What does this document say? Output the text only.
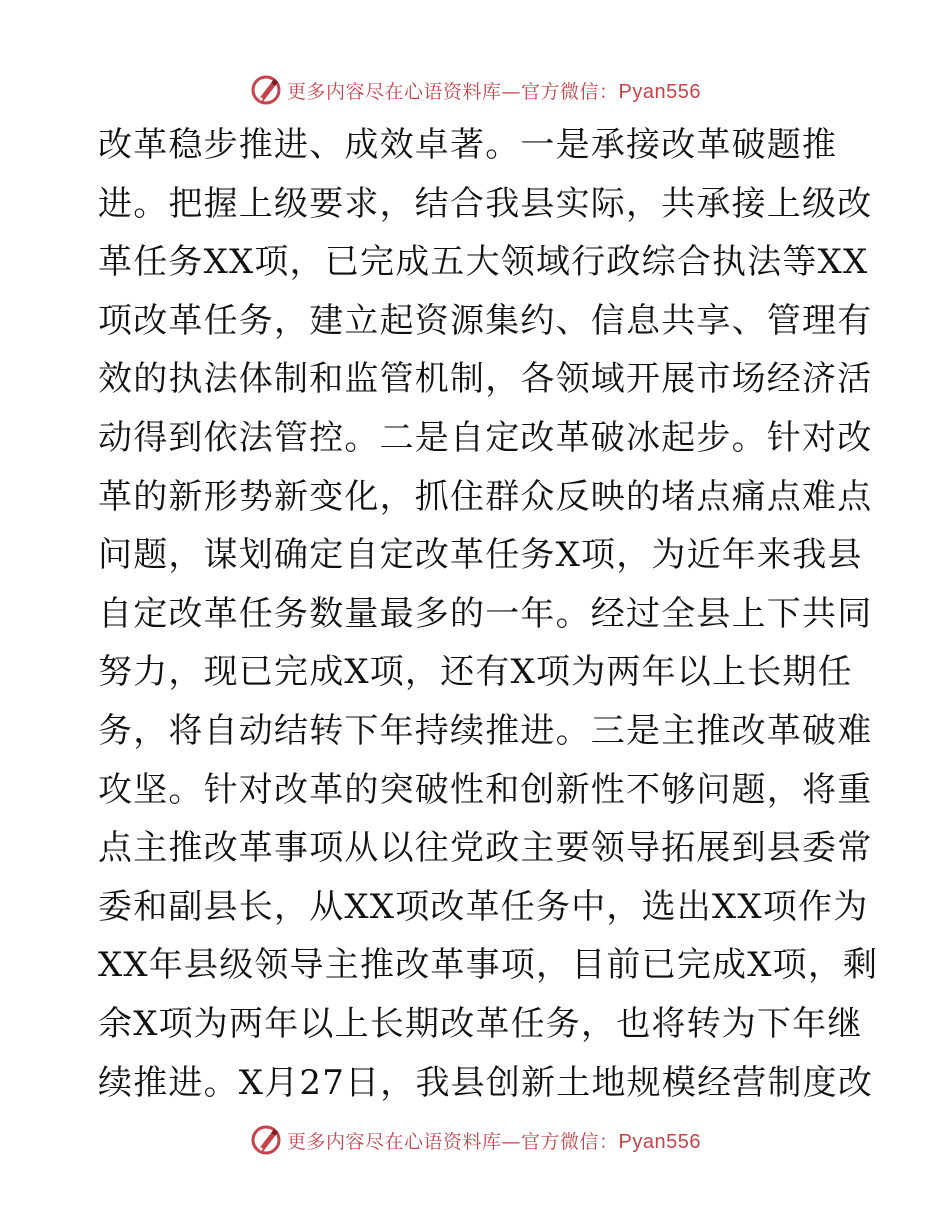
更多内容尽在心语资料库—官方微信：Pyan556
改革稳步推进、成效卓著。一是承接改革破题推
进。把握上级要求，结合我县实际，共承接上级改
革任务XX项，已完成五大领域行政综合执法等XX
项改革任务，建立起资源集约、信息共享、管理有
效的执法体制和监管机制，各领域开展市场经济活
动得到依法管控。二是自定改革破冰起步。针对改
革的新形势新变化，抓住群众反映的堵点痛点难点
问题，谋划确定自定改革任务X项，为近年来我县
自定改革任务数量最多的一年。经过全县上下共同
努力，现已完成X项，还有X项为两年以上长期任
务，将自动结转下年持续推进。三是主推改革破难
攻坚。针对改革的突破性和创新性不够问题，将重
点主推改革事项从以往党政主要领导拓展到县委常
委和副县长，从XX项改革任务中，选出XX项作为
XX年县级领导主推改革事项，目前已完成X项，剩
余X项为两年以上长期改革任务，也将转为下年继
续推进。X月27日，我县创新土地规模经营制度改
更多内容尽在心语资料库—官方微信：Pyan556
